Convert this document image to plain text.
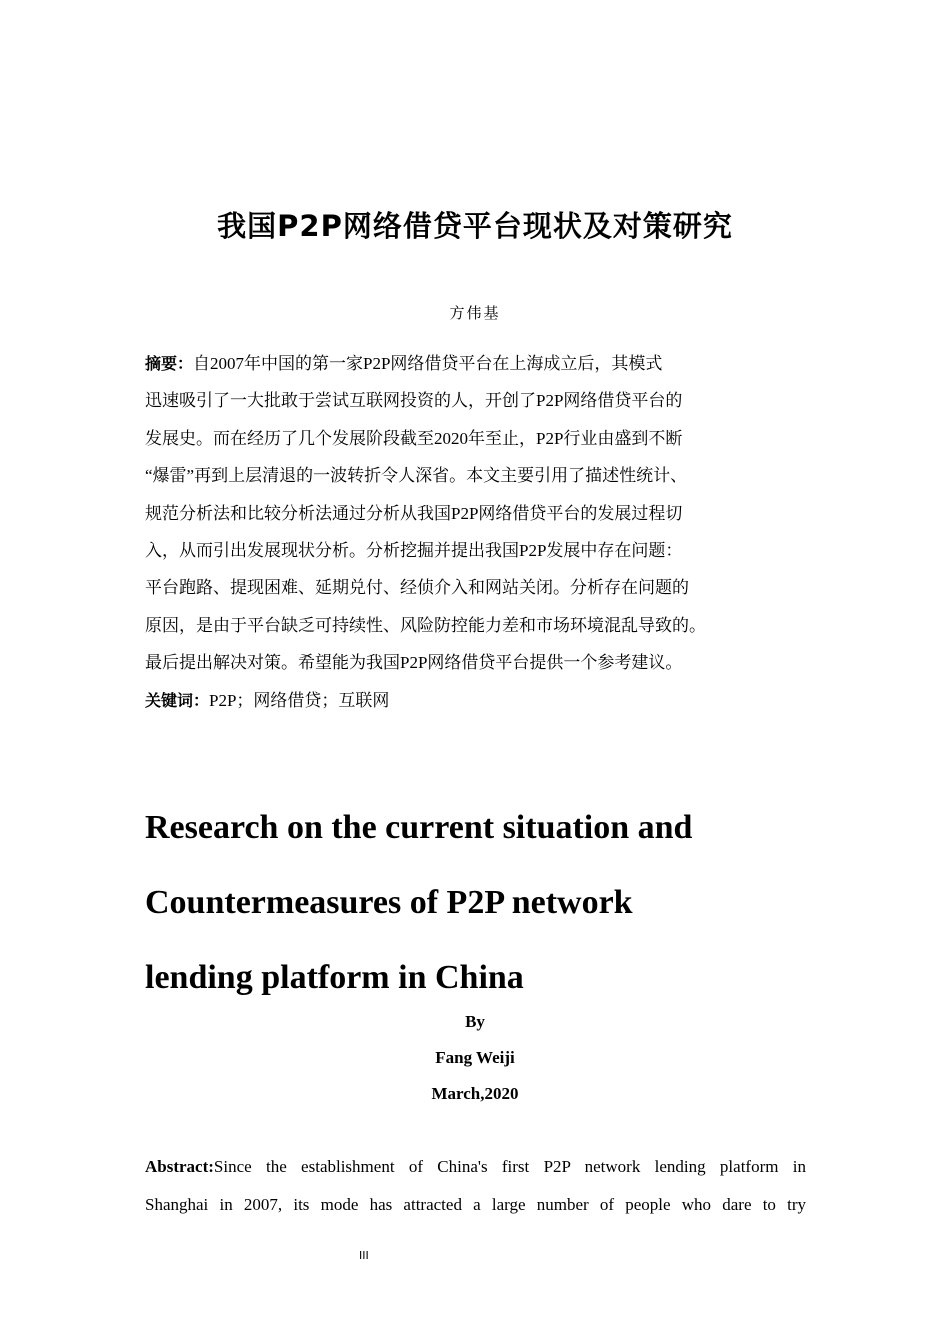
我国P2P网络借贷平台现状及对策研究
方伟基
摘要：自2007年中国的第一家P2P网络借贷平台在上海成立后，其模式
迅速吸引了一大批敢于尝试互联网投资的人，开创了P2P网络借贷平台的
发展史。而在经历了几个发展阶段截至2020年至止，P2P行业由盛到不断
“爆雷”再到上层清退的一波转折令人深省。本文主要引用了描述性统计、
规范分析法和比较分析法通过分析从我国P2P网络借贷平台的发展过程切
入，从而引出发展现状分析。分析挖掘并提出我国P2P发展中存在问题：
平台跑路、提现困难、延期兑付、经侦介入和网站关闭。分析存在问题的
原因，是由于平台缺乏可持续性、风险防控能力差和市场环境混乱导致的。
最后提出解决对策。希望能为我国P2P网络借贷平台提供一个参考建议。
关键词：P2P；网络借贷；互联网
Research on the current situation and
Countermeasures of P2P network
lending platform in China
By
Fang Weiji
March,2020
Abstract:Since the establishment of China's first P2P network lending platform in
Shanghai in 2007, its mode has attracted a large number of people who dare to try
III
